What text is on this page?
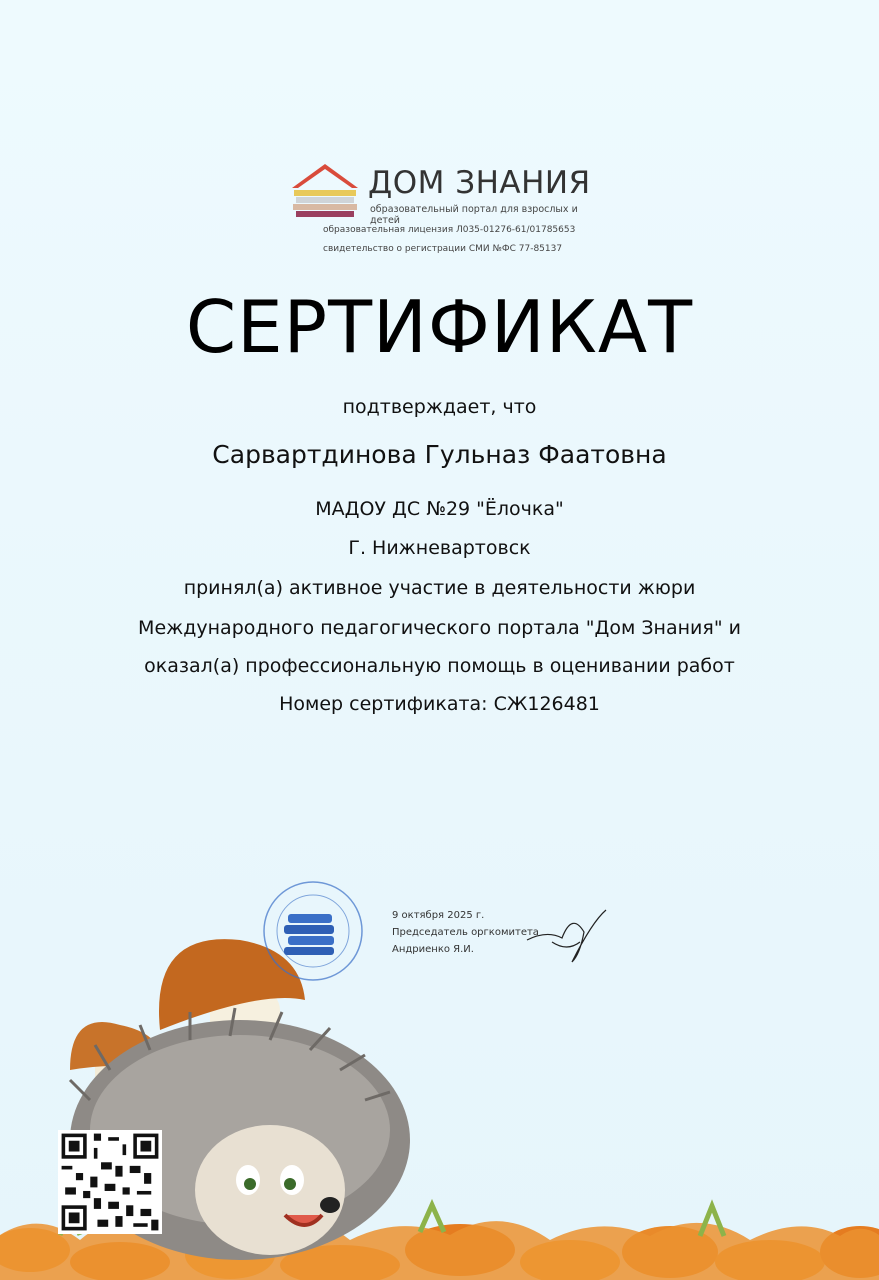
ДОМ ЗНАНИЯ
образовательный портал для взрослых и детей
образовательная лицензия Л035-01276-61/01785653
свидетельство о регистрации СМИ №ФС 77-85137
СЕРТИФИКАТ
подтверждает, что
Сарвартдинова Гульназ Фаатовна
МАДОУ ДС №29 "Ёлочка"
Г. Нижневартовск
принял(а) активное участие в деятельности жюри
Международного педагогического портала "Дом Знания" и
оказал(а) профессиональную помощь в оценивании работ
Номер сертификата: СЖ126481
9 октября 2025 г.
Председатель оргкомитета
Андриенко Я.И.
